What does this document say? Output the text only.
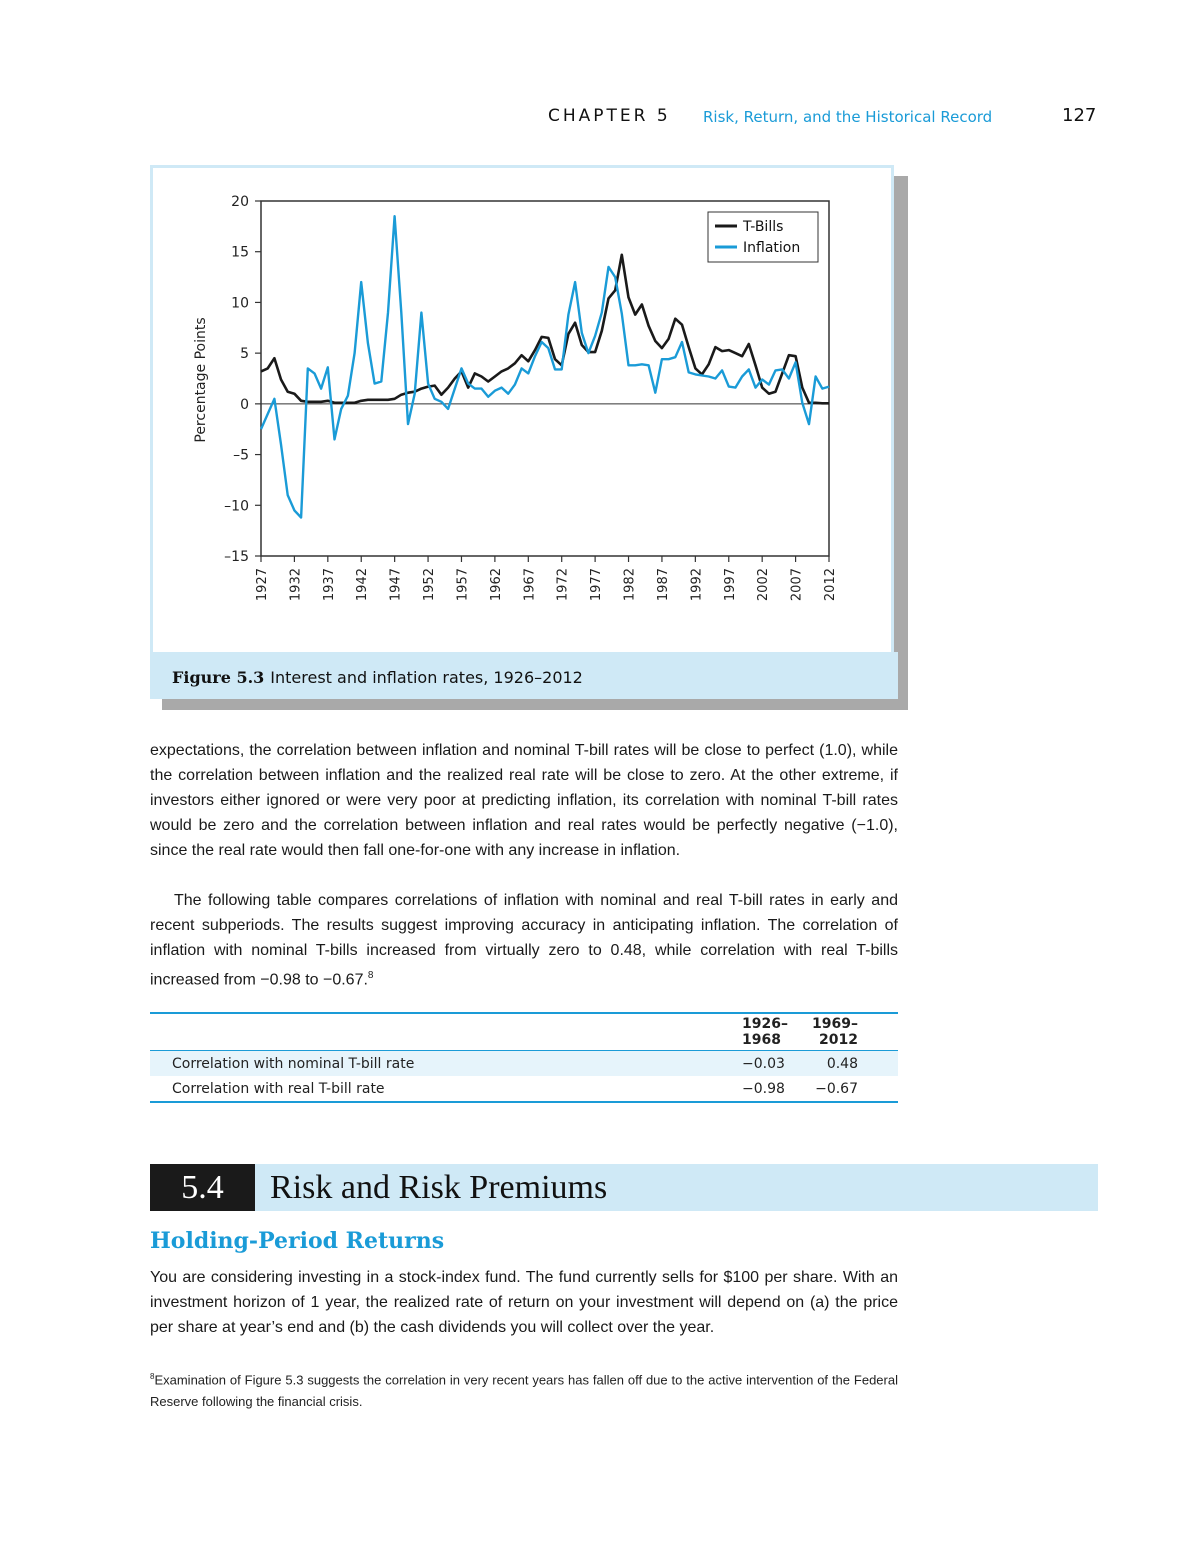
CHAPTER 5 Risk, Return, and the Historical Record	127
Figure 5.3 Interest and inflation rates, 1926–2012
20
15
10
5
0
–5
–10
–15
1927 1932 1937 1942 1947 1952 1957 1962 1967 1972 1977 1982 1987 1992 1997 2002 2007 2012
Percentage Points
T-Bills
Inflation

expectations, the correlation between inflation and nominal T-bill rates will be close to perfect (1.0), while the correlation between inflation and the realized real rate will be close to zero. At the other extreme, if investors either ignored or were very poor at predicting inflation, its correlation with nominal T-bill rates would be zero and the correlation between inflation and real rates would be perfectly negative (−1.0), since the real rate would then fall one-for-one with any increase in inflation.

The following table compares correlations of inflation with nominal and real T-bill rates in early and recent subperiods. The results suggest improving accuracy in anticipating inflation. The correlation of inflation with nominal T-bills increased from virtually zero to 0.48, while correlation with real T-bills increased from −0.98 to −0.67.$^8$

	1926–1968	1969–2012
Correlation with nominal T-bill rate	−0.03	0.48
Correlation with real T-bill rate	−0.98	−0.67
5.4	Risk and Risk Premiums
Holding-Period Returns

You are considering investing in a stock-index fund. The fund currently sells for $100 per share. With an investment horizon of 1 year, the realized rate of return on your investment will depend on (a) the price per share at year’s end and (b) the cash dividends you will collect over the year.

$^8$Examination of Figure 5.3 suggests the correlation in very recent years has fallen off due to the active intervention of the Federal Reserve following the financial crisis.
